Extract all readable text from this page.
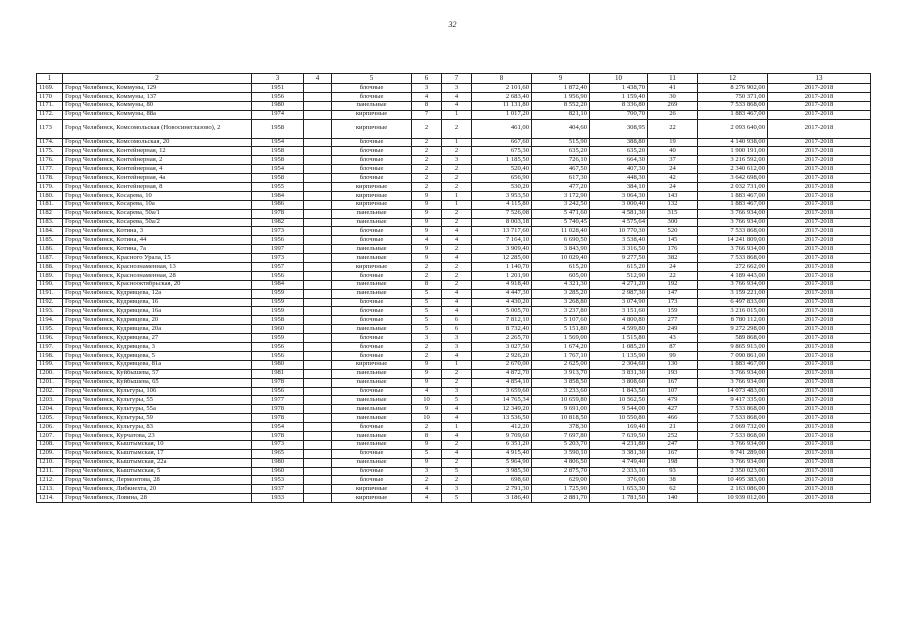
32
1	2	3	4	5	6	7	8	9	10	11	12	13
1169.	Город Челябинск, Коммуны, 129	1951		блочные	3	3	2 101,60	1 872,40	1 438,70	41	8 276 902,00	2017-2018
1170	Город Челябинск, Коммуны, 137	1956		блочные	4	4	2 683,40	1 956,90	1 159,40	30	750 371,00	2017-2018
1171.	Город Челябинск, Коммуны, 80	1980		панельные	8	4	11 131,80	8 552,20	8 336,80	269	7 533 868,00	2017-2018
1172.	Город Челябинск, Коммуны, 88а	1974		кирпичные	7	1	1 017,20	821,10	700,70	26	1 883 467,00	2017-2018
1173	Город Челябинск, Комсомольская (Новосинеглазово), 2	1958		кирпичные	2	2	461,00	404,60	308,95	22	2 093 640,00	2017-2018
1174.	Город Челябинск, Комсомольская, 20	1954		блочные	2	1	667,60	515,90	388,80	19	4 140 938,00	2017-2018
1175.	Город Челябинск, Контейнерная, 12	1958		блочные	2	2	675,30	635,20	635,20	40	1 900 191,00	2017-2018
1176.	Город Челябинск, Контейнерная, 2	1958		блочные	2	3	1 185,50	726,10	664,30	37	3 216 592,00	2017-2018
1177.	Город Челябинск, Контейнерная, 4	1954		блочные	2	2	520,40	467,50	407,30	24	2 340 612,00	2017-2018
1178.	Город Челябинск, Контейнерная, 4а	1958		блочные	2	2	656,90	617,30	448,30	42	3 642 698,00	2017-2018
1179.	Город Челябинск, Контейнерная, 8	1955		кирпичные	2	2	530,20	477,20	384,10	24	2 032 731,00	2017-2018
1180.	Город Челябинск, Косарева, 10	1984		кирпичные	9	1	3 953,50	3 172,90	3 064,30	143	1 883 467,00	2017-2018
1181.	Город Челябинск, Косарева, 10а	1986		кирпичные	9	1	4 115,80	3 242,50	3 000,40	132	1 883 467,00	2017-2018
1182	Город Челябинск, Косарева, 50а/1	1978		панельные	9	2	7 526,08	5 471,60	4 581,30	315	3 766 934,00	2017-2018
1183.	Город Челябинск, Косарева, 50а/2	1982		панельные	9	2	8 003,18	5 740,45	4 575,64	300	3 766 934,00	2017-2018
1184.	Город Челябинск, Котина, 3	1973		блочные	9	4	13 717,60	11 028,40	10 770,30	520	7 533 868,00	2017-2018
1185.	Город Челябинск, Котина, 44	1956		блочные	4	4	7 164,10	6 690,50	3 538,40	145	14 241 809,00	2017-2018
1186.	Город Челябинск, Котина, 7а	1997		панельные	9	2	3 909,40	3 843,90	3 316,50	176	3 766 934,00	2017-2018
1187.	Город Челябинск, Красного Урала, 15	1973		панельные	9	4	12 285,00	10 029,40	9 277,50	382	7 533 868,00	2017-2018
1188.	Город Челябинск, Краснознаменная, 13	1957		кирпичные	2	2	1 140,70	615,20	615,20	24	272 662,00	2017-2018
1189.	Город Челябинск, Краснознаменная, 28	1956		блочные	2	2	1 201,90	605,00	512,90	22	4 189 443,00	2017-2018
1190.	Город Челябинск, Краснооктябрьская, 20	1984		панельные	8	2	4 918,40	4 321,30	4 271,20	192	3 766 934,00	2017-2018
1191.	Город Челябинск, Кудрявцева, 12а	1959		панельные	5	4	4 447,30	3 285,20	2 987,30	147	3 159 221,00	2017-2018
1192.	Город Челябинск, Кудрявцева, 16	1959		блочные	5	4	4 430,20	3 268,80	3 074,90	173	6 497 833,00	2017-2018
1193.	Город Челябинск, Кудрявцева, 16а	1959		блочные	5	4	5 005,70	3 237,80	3 151,60	159	3 216 015,00	2017-2018
1194.	Город Челябинск, Кудрявцева, 20	1958		блочные	5	6	7 812,10	5 107,60	4 800,80	277	8 780 112,00	2017-2018
1195.	Город Челябинск, Кудрявцева, 20а	1960		панельные	5	6	8 732,40	5 151,80	4 599,80	249	9 272 298,00	2017-2018
1196.	Город Челябинск, Кудрявцева, 27	1959		блочные	3	3	2 265,70	1 569,00	1 515,80	43	589 868,00	2017-2018
1197.	Город Челябинск, Кудрявцева, 3	1956		блочные	2	3	3 027,50	1 674,20	1 085,20	87	9 865 913,00	2017-2018
1198.	Город Челябинск, Кудрявцева, 5	1956		блочные	2	4	2 926,20	1 767,10	1 135,90	99	7 090 861,00	2017-2018
1199.	Город Челябинск, Кудрявцева, 81а	1980		кирпичные	9	1	2 670,00	2 625,00	2 304,60	130	1 883 467,00	2017-2018
1200.	Город Челябинск, Куйбышева, 57	1981		панельные	9	2	4 872,70	3 913,70	3 831,30	193	3 766 934,00	2017-2018
1201.	Город Челябинск, Куйбышева, 65	1978		панельные	9	2	4 854,10	3 858,50	3 808,60	167	3 766 934,00	2017-2018
1202.	Город Челябинск, Культуры, 106	1956		блочные	4	3	3 659,60	3 233,60	1 843,50	107	14 073 483,00	2017-2018
1203.	Город Челябинск, Культуры, 55	1977		панельные	10	5	14 765,34	10 659,80	10 562,50	479	9 417 335,00	2017-2018
1204.	Город Челябинск, Культуры, 55а	1978		панельные	9	4	12 349,20	9 691,00	9 544,00	427	7 533 868,00	2017-2018
1205.	Город Челябинск, Культуры, 59	1978		панельные	10	4	13 536,50	10 818,50	10 550,80	466	7 533 868,00	2017-2018
1206.	Город Челябинск, Культуры, 83	1954		блочные	2	1	412,20	378,30	169,40	21	2 069 732,00	2017-2018
1207.	Город Челябинск, Курчатова, 23	1978		панельные	8	4	9 709,60	7 697,80	7 639,50	252	7 533 868,00	2017-2018
1208.	Город Челябинск, Кыштымская, 10	1973		панельные	9	2	6 351,20	5 203,70	4 231,80	247	3 766 934,00	2017-2018
1209.	Город Челябинск, Кыштымская, 17	1965		блочные	5	4	4 915,40	3 590,10	3 381,30	167	9 741 289,00	2017-2018
1210.	Город Челябинск, Кыштымская, 22а	1980		панельные	9	2	5 964,90	4 806,50	4 749,40	198	3 766 934,00	2017-2018
1211.	Город Челябинск, Кыштымская, 5	1960		блочные	3	5	3 985,30	2 875,70	2 333,10	93	2 350 023,00	2017-2018
1212.	Город Челябинск, Лермонтова, 28	1953		блочные	2	2	698,60	629,00	376,00	38	10 495 383,00	2017-2018
1213.	Город Челябинск, Либкнехта, 20	1937		кирпичные	4	3	2 791,30	1 725,90	1 653,30	62	2 163 086,00	2017-2018
1214.	Город Челябинск, Ловина, 28	1933		кирпичные	4	5	3 186,40	2 881,70	1 781,50	140	10 939 012,00	2017-2018
